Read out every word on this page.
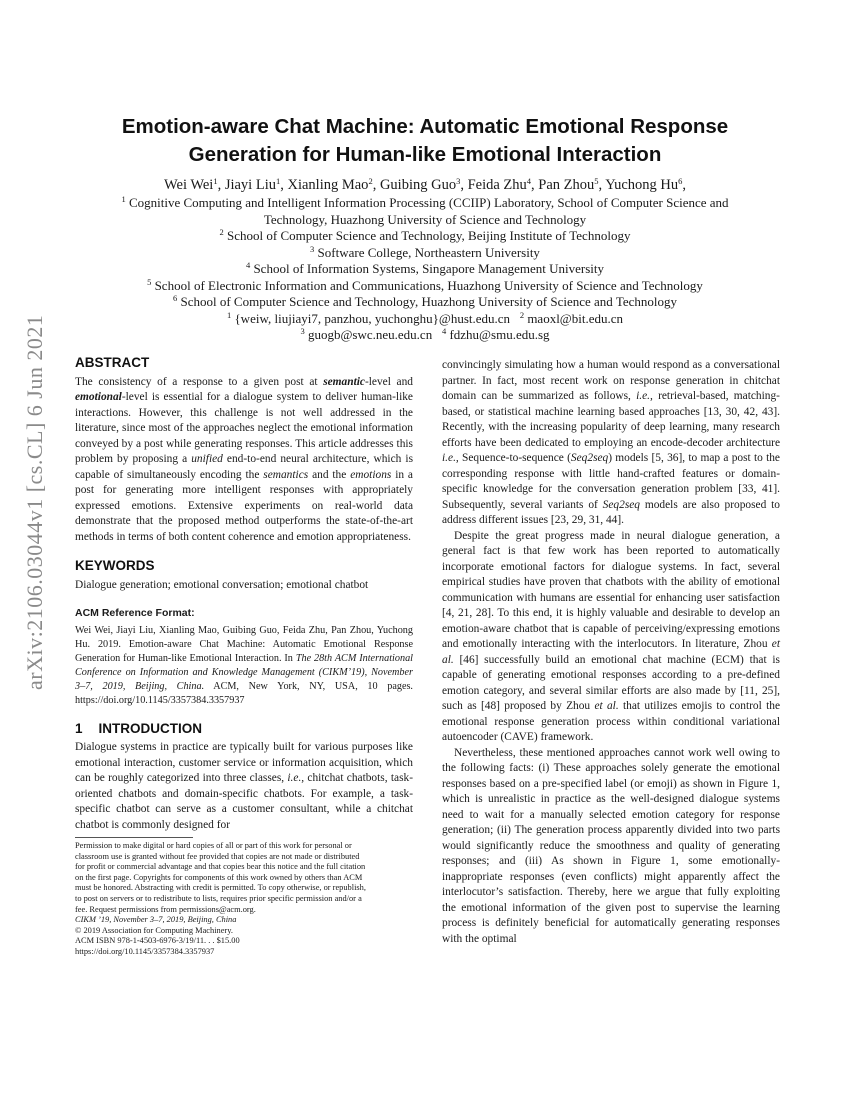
arXiv:2106.03044v1 [cs.CL] 6 Jun 2021
Emotion-aware Chat Machine: Automatic Emotional Response
Generation for Human-like Emotional Interaction
Wei Wei$^1$, Jiayi Liu$^1$, Xianling Mao$^2$, Guibing Guo$^3$, Feida Zhu$^4$, Pan Zhou$^5$, Yuchong Hu$^6$,
$^1$ Cognitive Computing and Intelligent Information Processing (CCIIP) Laboratory, School of Computer Science and
Technology, Huazhong University of Science and Technology
$^2$ School of Computer Science and Technology, Beijing Institute of Technology
$^3$ Software College, Northeastern University
$^4$ School of Information Systems, Singapore Management University
$^5$ School of Electronic Information and Communications, Huazhong University of Science and Technology
$^6$ School of Computer Science and Technology, Huazhong University of Science and Technology
$^1$ {weiw, liujiayi7, panzhou, yuchonghu}@hust.edu.cn $^2$ maoxl@bit.edu.cn
$^3$ guogb@swc.neu.edu.cn $^4$ fdzhu@smu.edu.sg
ABSTRACT

The consistency of a response to a given post at semantic-level and emotional-level is essential for a dialogue system to deliver human-like interactions. However, this challenge is not well addressed in the literature, since most of the approaches neglect the emotional information conveyed by a post while generating responses. This article addresses this problem by proposing a unified end-to-end neural architecture, which is capable of simultaneously encoding the semantics and the emotions in a post for generating more intelligent responses with appropriately expressed emotions. Extensive experiments on real-world data demonstrate that the proposed method outperforms the state-of-the-art methods in terms of both content coherence and emotion appropriateness.

KEYWORDS

Dialogue generation; emotional conversation; emotional chatbot

ACM Reference Format:

Wei Wei, Jiayi Liu, Xianling Mao, Guibing Guo, Feida Zhu, Pan Zhou, Yuchong Hu. 2019. Emotion-aware Chat Machine: Automatic Emotional Response Generation for Human-like Emotional Interaction. In The 28th ACM International Conference on Information and Knowledge Management (CIKM’19), November 3–7, 2019, Beijing, China. ACM, New York, NY, USA, 10 pages. https://doi.org/10.1145/3357384.3357937

1 INTRODUCTION

Dialogue systems in practice are typically built for various purposes like emotional interaction, customer service or information acquisition, which can be roughly categorized into three classes, i.e., chitchat chatbots, task-oriented chatbots and domain-specific chatbots. For example, a task-specific chatbot can serve as a customer consultant, while a chitchat chatbot is commonly designed for

Permission to make digital or hard copies of all or part of this work for personal or
classroom use is granted without fee provided that copies are not made or distributed
for profit or commercial advantage and that copies bear this notice and the full citation
on the first page. Copyrights for components of this work owned by others than ACM
must be honored. Abstracting with credit is permitted. To copy otherwise, or republish,
to post on servers or to redistribute to lists, requires prior specific permission and/or a
fee. Request permissions from permissions@acm.org.
CIKM ’19, November 3–7, 2019, Beijing, China
© 2019 Association for Computing Machinery.
ACM ISBN 978-1-4503-6976-3/19/11. . . $15.00
https://doi.org/10.1145/3357384.3357937

convincingly simulating how a human would respond as a conversational partner. In fact, most recent work on response generation in chitchat domain can be summarized as follows, i.e., retrieval-based, matching-based, or statistical machine learning based approaches [13, 30, 42, 43]. Recently, with the increasing popularity of deep learning, many research efforts have been dedicated to employing an encode-decoder architecture i.e., Sequence-to-sequence (Seq2seq) models [5, 36], to map a post to the corresponding response with little hand-crafted features or domain-specific knowledge for the conversation generation problem [33, 41]. Subsequently, several variants of Seq2seq models are also proposed to address different issues [23, 29, 31, 44].

Despite the great progress made in neural dialogue generation, a general fact is that few work has been reported to automatically incorporate emotional factors for dialogue systems. In fact, several empirical studies have proven that chatbots with the ability of emotional communication with humans are essential for enhancing user satisfaction [4, 21, 28]. To this end, it is highly valuable and desirable to develop an emotion-aware chatbot that is capable of perceiving/expressing emotions and emotionally interacting with the interlocutors. In literature, Zhou et al. [46] successfully build an emotional chat machine (ECM) that is capable of generating emotional responses according to a pre-defined emotion category, and several similar efforts are also made by [11, 25], such as [48] proposed by Zhou et al. that utilizes emojis to control the emotional response generation process within conditional variational autoencoder (CAVE) framework.

Nevertheless, these mentioned approaches cannot work well owing to the following facts: (i) These approaches solely generate the emotional responses based on a pre-specified label (or emoji) as shown in Figure 1, which is unrealistic in practice as the well-designed dialogue systems need to wait for a manually selected emotion category for response generation; (ii) The generation process apparently divided into two parts would significantly reduce the smoothness and quality of generating responses; and (iii) As shown in Figure 1, some emotionally-inappropriate responses (even conflicts) might apparently affect the interlocutor’s satisfaction. Thereby, here we argue that fully exploiting the emotional information of the given post to supervise the learning process is definitely beneficial for automatically generating responses with the optimal
